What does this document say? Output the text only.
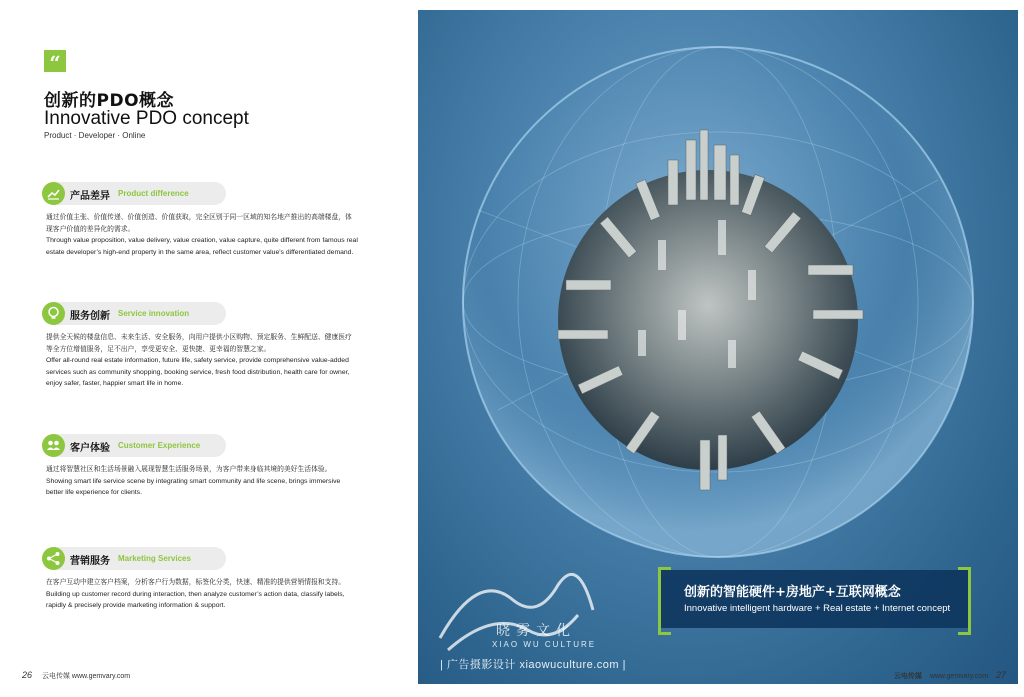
“
创新的PDO概念
Innovative PDO concept
Product · Developer · Online
产品差异 Product difference
通过价值主张、价值传递、价值创造、价值获取，完全区别于同一区域的知名地产推出的高端楼盘，体现客户价值的差异化的需求。
Through value proposition, value delivery, value creation, value capture, quite different from famous real estate developer’s high-end property in the same area, reflect customer value's differentiated demand.
服务创新 Service innovation
提供全天候的楼盘信息、未来生活、安全服务，向用户提供小区购物、预定服务、生鲜配送、健康医疗等全方位增值服务，足不出户，享受更安全、更快捷、更幸福的智慧之家。
Offer all-round real estate information, future life, safety service, provide comprehensive value-added services such as community shopping, booking service, fresh food distribution, health care for owner, enjoy safer, faster, happier smart life in home.
客户体验 Customer Experience
通过将智慧社区和生活场景融入展现智慧生活服务场景，为客户带来身临其境的美好生活体验。
Showing smart life service scene by integrating smart community and life scene, brings immersive better life experience for clients.
营销服务 Marketing Services
在客户互动中建立客户档案，分析客户行为数据，标签化分类，快速、精准的提供营销情报和支持。
Building up customer record during interaction, then analyze customer’s action data, classify labels, rapidly & precisely provide marketing information & support.
26 云电传媒 www.gemvary.com
创新的智能硬件+房地产+互联网概念
Innovative intelligent hardware + Real estate + Internet concept
晓雾文化
XIAO WU CULTURE
| 广告摄影设计 xiaowuculture.com |
云电传媒 www.gemvary.com 27
